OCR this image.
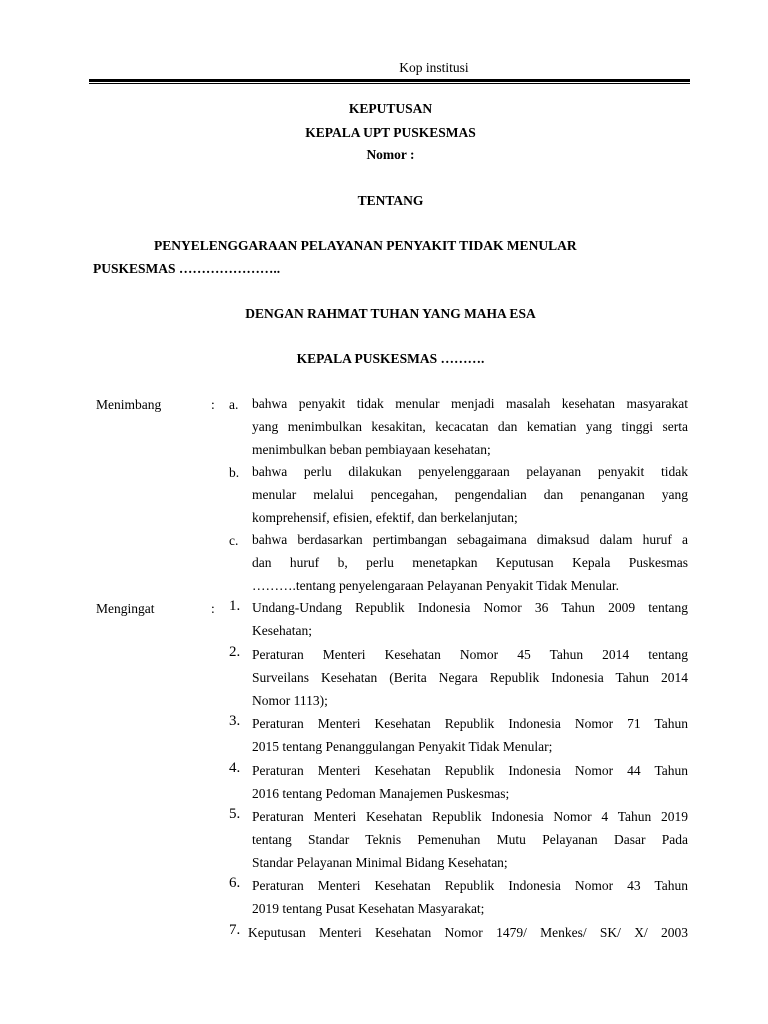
Kop institusi
KEPUTUSAN
KEPALA UPT PUSKESMAS
Nomor :
TENTANG
PENYELENGGARAAN PELAYANAN PENYAKIT TIDAK MENULAR
PUSKESMAS …………………..
DENGAN RAHMAT TUHAN YANG MAHA ESA
KEPALA PUSKESMAS ……….
Menimbang	: a. bahwa penyakit tidak menular menjadi masalah kesehatan masyarakat
yang menimbulkan kesakitan, kecacatan dan kematian yang tinggi serta
menimbulkan beban pembiayaan kesehatan;
b. bahwa perlu dilakukan penyelenggaraan pelayanan penyakit tidak
menular melalui pencegahan, pengendalian dan penanganan yang
komprehensif, efisien, efektif, dan berkelanjutan;
c. bahwa berdasarkan pertimbangan sebagaimana dimaksud dalam huruf a
dan huruf b, perlu menetapkan Keputusan Kepala Puskesmas
……….tentang penyelengaraan Pelayanan Penyakit Tidak Menular.
Mengingat	: 1. Undang-Undang Republik Indonesia Nomor 36 Tahun 2009 tentang
Kesehatan;
2. Peraturan Menteri Kesehatan Nomor 45 Tahun 2014 tentang
Surveilans Kesehatan (Berita Negara Republik Indonesia Tahun 2014
Nomor 1113);
3. Peraturan Menteri Kesehatan Republik Indonesia Nomor 71 Tahun
2015 tentang Penanggulangan Penyakit Tidak Menular;
4. Peraturan Menteri Kesehatan Republik Indonesia Nomor 44 Tahun
2016 tentang Pedoman Manajemen Puskesmas;
5. Peraturan Menteri Kesehatan Republik Indonesia Nomor 4 Tahun 2019
tentang Standar Teknis Pemenuhan Mutu Pelayanan Dasar Pada
Standar Pelayanan Minimal Bidang Kesehatan;
6. Peraturan Menteri Kesehatan Republik Indonesia Nomor 43 Tahun
2019 tentang Pusat Kesehatan Masyarakat;
7. Keputusan Menteri Kesehatan Nomor 1479/ Menkes/ SK/ X/ 2003
